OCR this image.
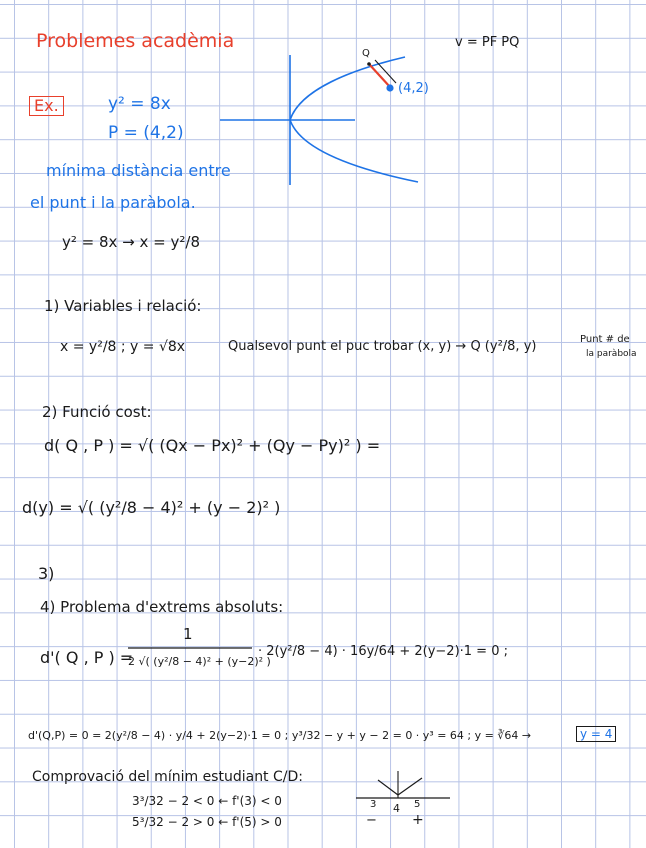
Problemes acadèmia	v = PF PQ
Ex.	y² = 8x
P = (4,2)
mínima distància entre
el punt i la paràbola.
y² = 8x → x = y²/8
(4,2)
Q
1) Variables i relació:
x = y²/8 ; y = √8x	Qualsevol punt el puc trobar (x, y) → Q (y²/8, y)	Punt # de
la paràbola
2) Funció cost:
d( Q , P ) = √( (Qx − Px)² + (Qy − Py)² ) =
d(y) = √( (y²/8 − 4)² + (y − 2)² )
3)
4) Problema d'extrems absoluts:
d'( Q , P ) =
1
2 √( (y²/8 − 4)² + (y−2)² )
· 2(y²/8 − 4) · 16y/64 + 2(y−2)·1 = 0 ;
d'(Q,P) = 0 = 2(y²/8 − 4) · y/4 + 2(y−2)·1 = 0 ; y³/32 − y + y − 2 = 0 · y³ = 64 ; y = ∛64 →	y = 4
Comprovació del mínim estudiant C/D:
3³/32 − 2 < 0 ← f'(3) < 0
5³/32 − 2 > 0 ← f'(5) > 0
3 4 5
−	+
